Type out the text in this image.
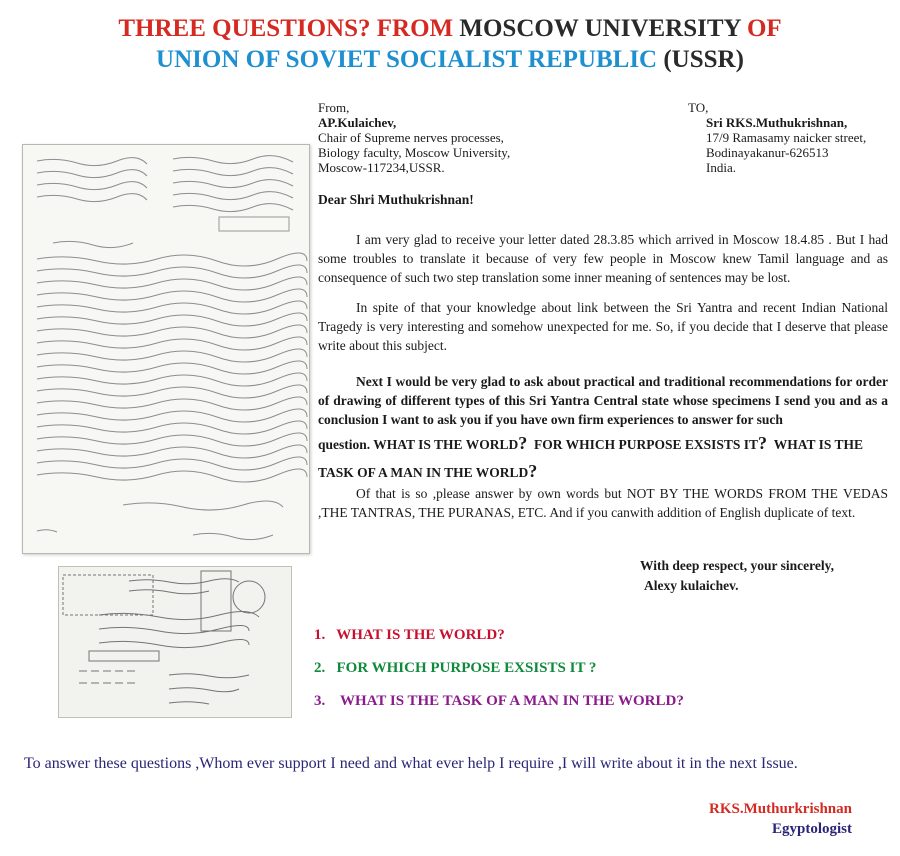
THREE QUESTIONS? FROM MOSCOW UNIVERSITY OF
UNION OF SOVIET SOCIALIST REPUBLIC (USSR)
From,
AP.Kulaichev,
Chair of Supreme nerves processes,
Biology faculty, Moscow University,
Moscow-117234,USSR.
TO,
Sri RKS.Muthukrishnan,
17/9 Ramasamy naicker street,
Bodinayakanur-626513
India.
Dear Shri Muthukrishnan!
I am very glad to receive your letter dated 28.3.85 which arrived in Moscow 18.4.85 . But I had some troubles to translate it because of very few people in Moscow knew Tamil language and as consequence of such two step translation some inner meaning of sentences may be lost.
In spite of that your knowledge about link between the Sri Yantra and recent Indian National Tragedy is very interesting and somehow unexpected for me. So, if you decide that I deserve that please write about this subject.
Next I would be very glad to ask about practical and traditional recommendations for order of drawing of different types of this Sri Yantra Central state whose specimens I send you and as a conclusion I want to ask you if you have own firm experiences to answer for such
question. WHAT IS THE WORLD? FOR WHICH PURPOSE EXSISTS IT? WHAT IS THE
TASK OF A MAN IN THE WORLD?
Of that is so ,please answer by own words but NOT BY THE WORDS FROM THE VEDAS ,THE TANTRAS, THE PURANAS, ETC. And if you canwith addition of English duplicate of text.
With deep respect, your sincerely,
Alexy kulaichev.
1. WHAT IS THE WORLD?
2. FOR WHICH PURPOSE EXSISTS IT ?
3. WHAT IS THE TASK OF A MAN IN THE WORLD?
To answer these questions ,Whom ever support I need and what ever help I require ,I will write about it in the next Issue.
RKS.Muthurkrishnan
Egyptologist
